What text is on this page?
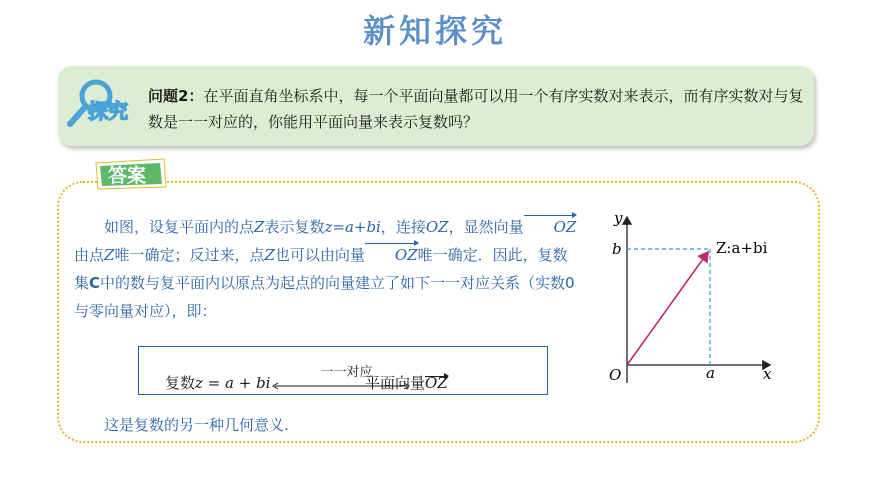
新知探究
探究
问题2：在平面直角坐标系中，每一个平面向量都可以用一个有序实数对来表示，而有序实数对与复数是一一对应的，你能用平面向量来表示复数吗？
答案
如图，设复平面内的点Z表示复数z=a+bi，连接OZ，显然向量 OZ由点Z唯一确定；反过来，点Z也可以由向量 OZ唯一确定．因此，复数集C中的数与复平面内以原点为起点的向量建立了如下一一对应关系（实数0与零向量对应），即：
复数z = a + bi
一一对应
平面向量OZ
这是复数的另一种几何意义.
y
x
O
b
a
Z:a+bi
